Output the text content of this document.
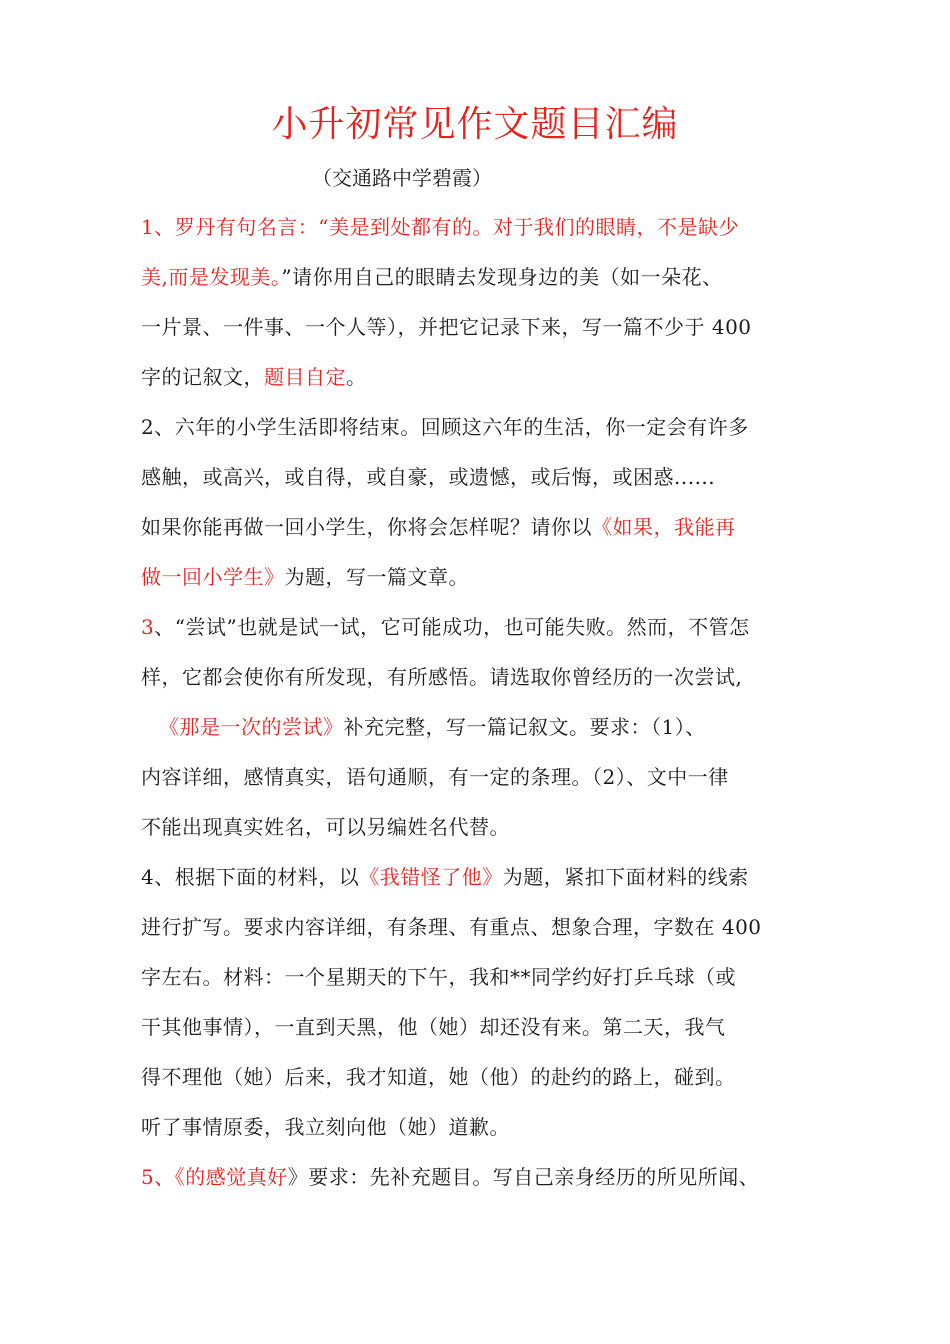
小升初常见作文题目汇编
（交通路中学碧霞）
1、罗丹有句名言：“美是到处都有的。对于我们的眼睛，不是缺少
美,而是发现美。”请你用自己的眼睛去发现身边的美（如一朵花、
一片景、一件事、一个人等），并把它记录下来，写一篇不少于 400
字的记叙文，题目自定。
2、六年的小学生活即将结束。回顾这六年的生活，你一定会有许多
感触，或高兴，或自得，或自豪，或遗憾，或后悔，或困惑......
如果你能再做一回小学生，你将会怎样呢？请你以《如果，我能再
做一回小学生》为题，写一篇文章。
3、“尝试”也就是试一试，它可能成功，也可能失败。然而，不管怎
样，它都会使你有所发现，有所感悟。请选取你曾经历的一次尝试,
《那是一次的尝试》补充完整，写一篇记叙文。要求：（1）、
内容详细，感情真实，语句通顺，有一定的条理。（2）、文中一律
不能出现真实姓名，可以另编姓名代替。
4、根据下面的材料，以《我错怪了他》为题，紧扣下面材料的线索
进行扩写。要求内容详细，有条理、有重点、想象合理，字数在 400
字左右。材料：一个星期天的下午，我和**同学约好打乒乓球（或
干其他事情），一直到天黑，他（她）却还没有来。第二天，我气
得不理他（她）后来，我才知道，她（他）的赴约的路上，碰到。
听了事情原委，我立刻向他（她）道歉。
5、《的感觉真好》要求：先补充题目。写自己亲身经历的所见所闻、
